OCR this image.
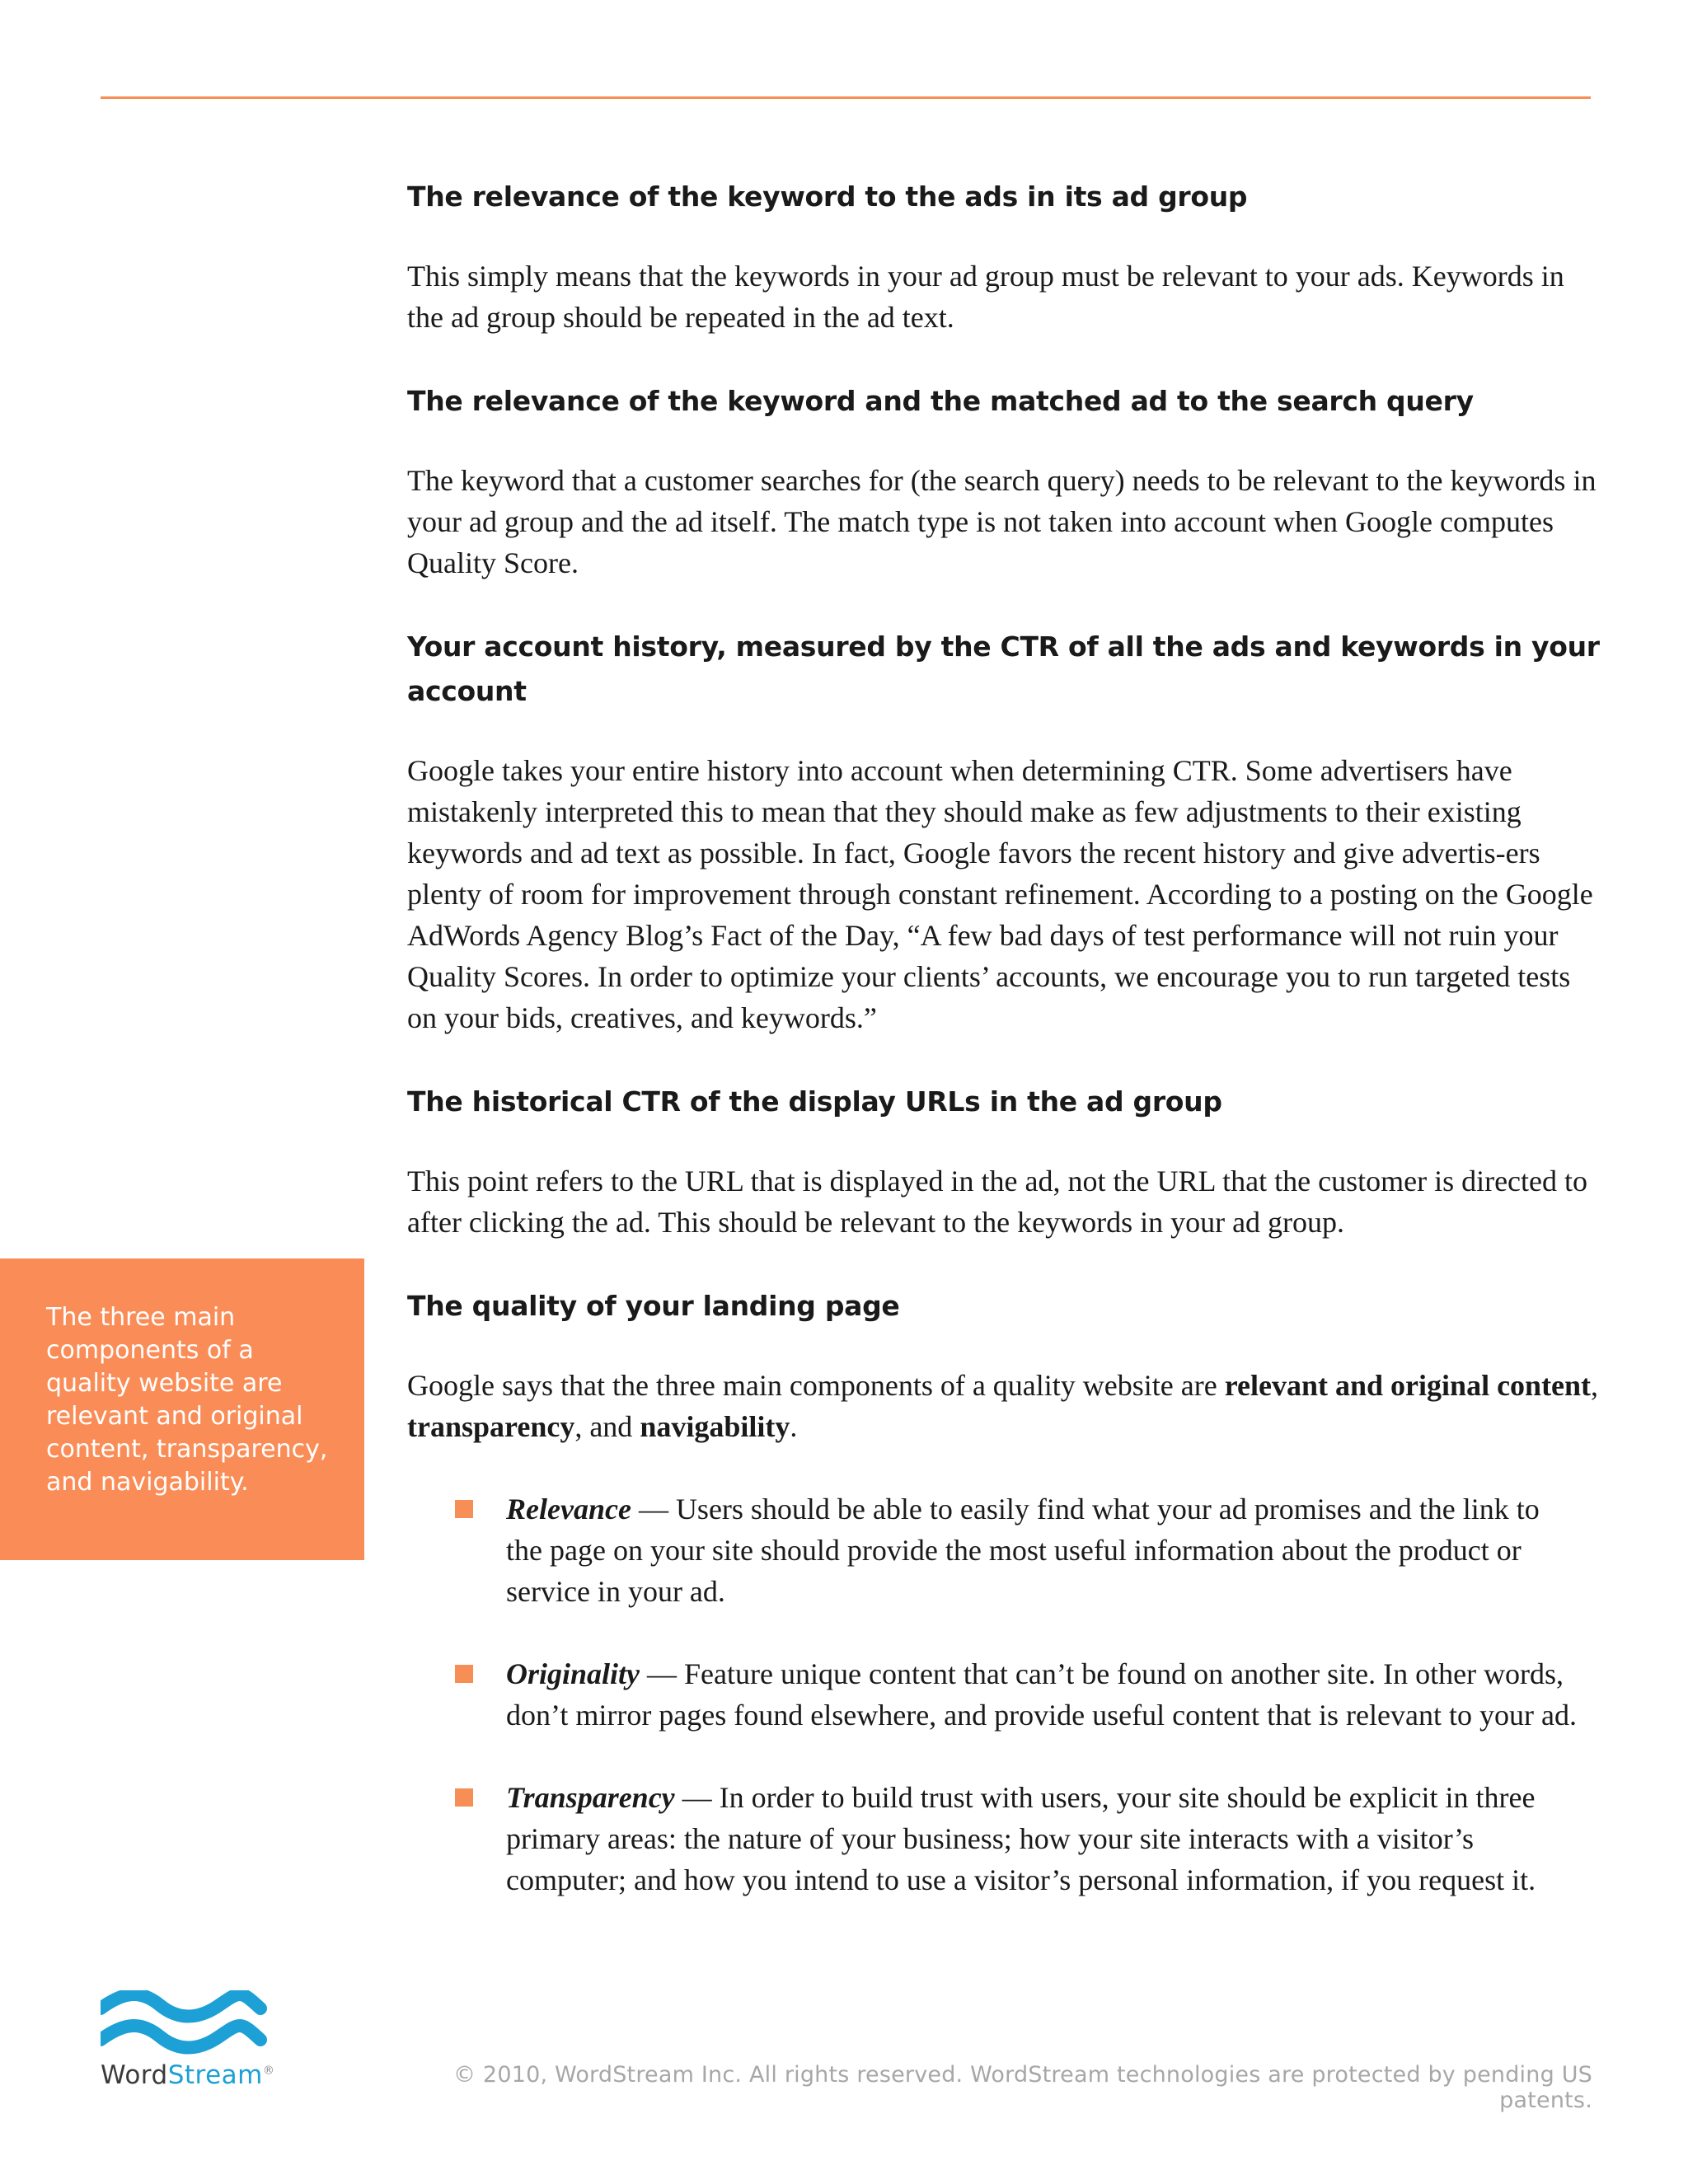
The relevance of the keyword to the ads in its ad group

This simply means that the keywords in your ad group must be relevant to your ads. Keywords in the ad group should be repeated in the ad text.

The relevance of the keyword and the matched ad to the search query

The keyword that a customer searches for (the search query) needs to be relevant to the keywords in your ad group and the ad itself. The match type is not taken into account when Google computes Quality Score.

Your account history, measured by the CTR of all the ads and keywords in your account

Google takes your entire history into account when determining CTR. Some advertisers have mistakenly interpreted this to mean that they should make as few adjustments to their existing keywords and ad text as possible. In fact, Google favors the recent history and give advertis-ers plenty of room for improvement through constant refinement. According to a posting on the Google AdWords Agency Blog’s Fact of the Day, “A few bad days of test performance will not ruin your Quality Scores. In order to optimize your clients’ accounts, we encourage you to run targeted tests on your bids, creatives, and keywords.”

The historical CTR of the display URLs in the ad group

This point refers to the URL that is displayed in the ad, not the URL that the customer is directed to after clicking the ad. This should be relevant to the keywords in your ad group.

The quality of your landing page

Google says that the three main components of a quality website are relevant and original content, transparency, and navigability.

Relevance — Users should be able to easily find what your ad promises and the link to the page on your site should provide the most useful information about the product or service in your ad.
Originality — Feature unique content that can’t be found on another site. In other words, don’t mirror pages found elsewhere, and provide useful content that is relevant to your ad.
Transparency — In order to build trust with users, your site should be explicit in three primary areas: the nature of your business; how your site interacts with a visitor’s computer; and how you intend to use a visitor’s personal information, if you request it.
The three main components of a quality website are relevant and original content, transparency, and navigability.
WordStream®	© 2010, WordStream Inc. All rights reserved. WordStream technologies are protected by pending US patents.
